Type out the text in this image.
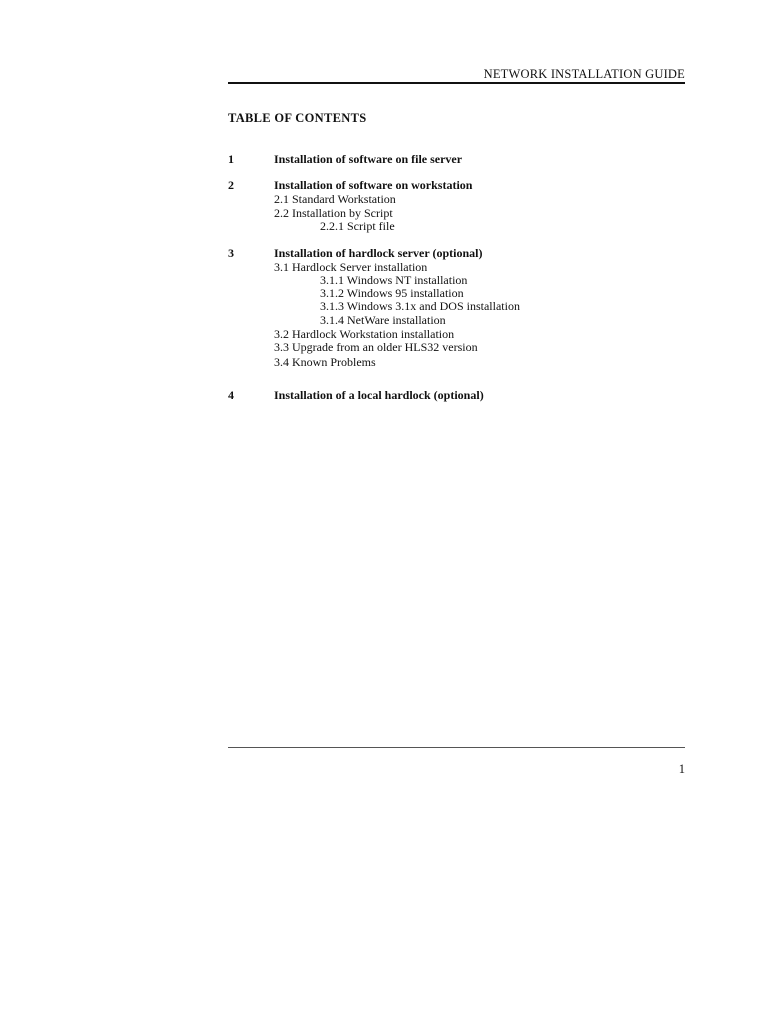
NETWORK INSTALLATION GUIDE
TABLE OF CONTENTS
1	Installation of software on file server
2	Installation of software on workstation
2.1 Standard Workstation
2.2 Installation by Script
2.2.1 Script file
3	Installation of hardlock server (optional)
3.1 Hardlock Server installation
3.1.1 Windows NT installation
3.1.2 Windows 95 installation
3.1.3 Windows 3.1x and DOS installation
3.1.4 NetWare installation
3.2 Hardlock Workstation installation
3.3 Upgrade from an older HLS32 version
3.4 Known Problems
4	Installation of a local hardlock (optional)
1
